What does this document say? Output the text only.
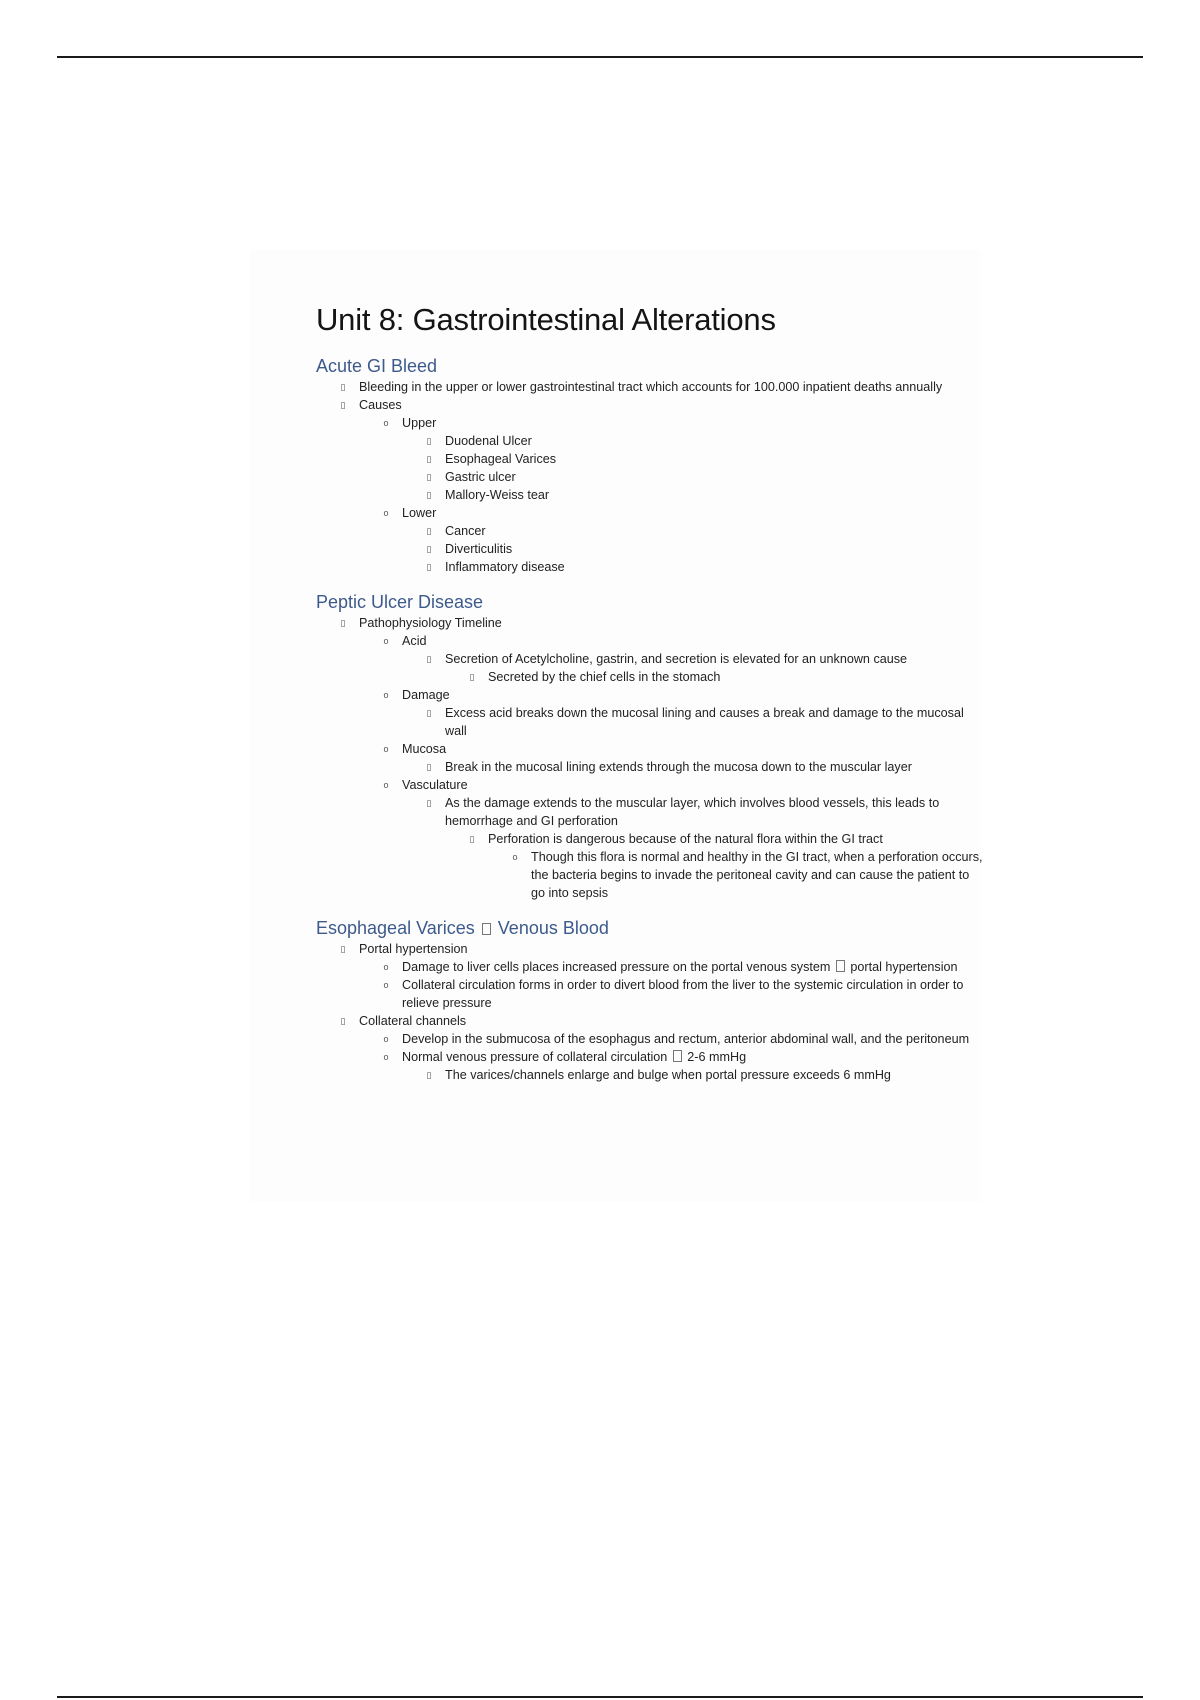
Unit 8: Gastrointestinal Alterations
Acute GI Bleed
▯	Bleeding in the upper or lower gastrointestinal tract which accounts for 100.000 inpatient deaths annually
▯	Causes
o	Upper
▯	Duodenal Ulcer
▯	Esophageal Varices
▯	Gastric ulcer
▯	Mallory-Weiss tear
o	Lower
▯	Cancer
▯	Diverticulitis
▯	Inflammatory disease
Peptic Ulcer Disease
▯	Pathophysiology Timeline
o	Acid
▯	Secretion of Acetylcholine, gastrin, and secretion is elevated for an unknown cause
▯	Secreted by the chief cells in the stomach
o	Damage
▯	Excess acid breaks down the mucosal lining and causes a break and damage to the mucosal wall
o	Mucosa
▯	Break in the mucosal lining extends through the mucosa down to the muscular layer
o	Vasculature
▯	As the damage extends to the muscular layer, which involves blood vessels, this leads to hemorrhage and GI perforation
▯	Perforation is dangerous because of the natural flora within the GI tract
o	Though this flora is normal and healthy in the GI tract, when a perforation occurs, the bacteria begins to invade the peritoneal cavity and can cause the patient to go into sepsis
Esophageal Varices Venous Blood
▯	Portal hypertension
o	Damage to liver cells places increased pressure on the portal venous system portal hypertension
o	Collateral circulation forms in order to divert blood from the liver to the systemic circulation in order to relieve pressure
▯	Collateral channels
o	Develop in the submucosa of the esophagus and rectum, anterior abdominal wall, and the peritoneum
o	Normal venous pressure of collateral circulation 2-6 mmHg
▯	The varices/channels enlarge and bulge when portal pressure exceeds 6 mmHg
